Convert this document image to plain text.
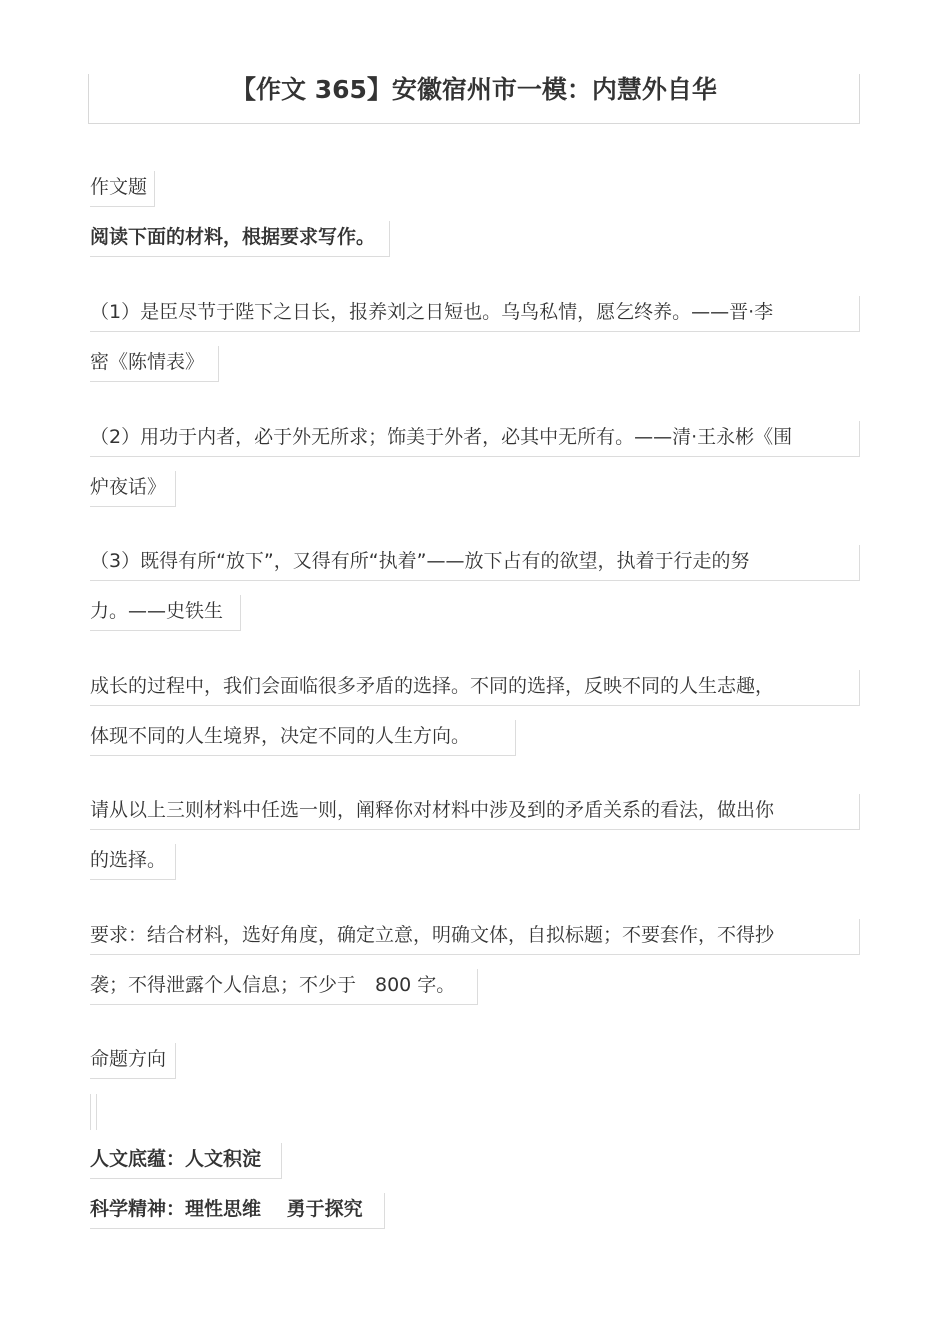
【作文 365】安徽宿州市一模：内慧外自华
作文题
阅读下面的材料，根据要求写作。
（1）是臣尽节于陛下之日长，报养刘之日短也。乌鸟私情，愿乞终养。——晋·李
密《陈情表》
（2）用功于内者，必于外无所求；饰美于外者，必其中无所有。——清·王永彬《围
炉夜话》
（3）既得有所“放下”，又得有所“执着”——放下占有的欲望，执着于行走的努
力。——史铁生
成长的过程中，我们会面临很多矛盾的选择。不同的选择，反映不同的人生志趣，
体现不同的人生境界，决定不同的人生方向。
请从以上三则材料中任选一则，阐释你对材料中涉及到的矛盾关系的看法，做出你
的选择。
要求：结合材料，选好角度，确定立意，明确文体，自拟标题；不要套作，不得抄
袭；不得泄露个人信息；不少于　800 字。
命题方向
人文底蕴：人文积淀
科学精神：理性思维　 勇于探究
